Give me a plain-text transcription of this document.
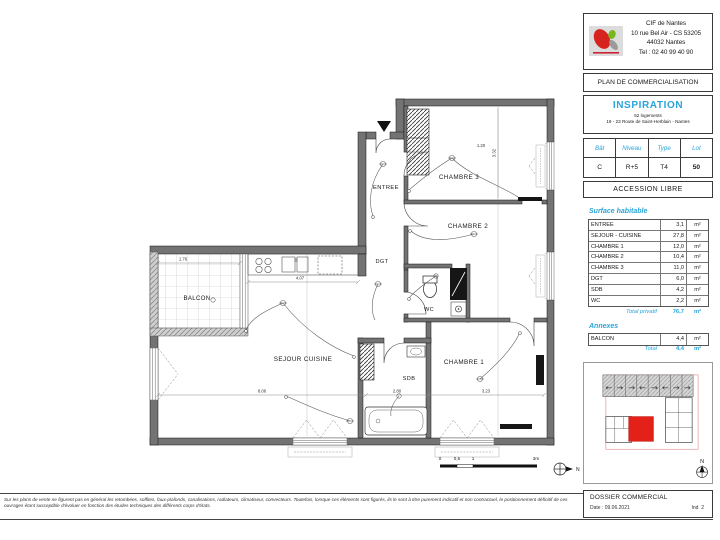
8.06	2.80	3.23
4.07
1.76
3.32
1.20
ENTREE
CHAMBRE 3
CHAMBRE 2
DGT
WC
SEJOUR CUISINE
BALCON
SDB
CHAMBRE 1
0	0,5	1	3m
N
CIF de Nantes
10 rue Bel Air - CS 53205
44032 Nantes
Tel : 02 40 99 40 90
PLAN DE COMMERCIALISATION
INSPIRATION
52 logements
19 - 23 Route de Saint-Herblain - Nantes
Bât	Niveau	Type	Lot
C	R+5	T4	50
ACCESSION LIBRE
Surface habitable
ENTREE	3,1	m²
SEJOUR - CUISINE	27,8	m²
CHAMBRE 1	12,0	m²
CHAMBRE 2	10,4	m²
CHAMBRE 3	11,0	m²
DGT	6,0	m²
SDB	4,2	m²
WC	2,2	m²
Total privatif	76,7	m²
Annexes
BALCON	4,4	m²
Total	4,4	m²
N
Sur les plans de vente ne figurent pas en général les retombées, soffites, faux-plafonds, canalisations, radiateurs, climatiseur, convecteurs. Toutefois, lorsque ces éléments sont figurés, ils le sont à titre purement indicatif et non contractuel, le positionnement définitif de ces ouvrages étant susceptible d'évoluer en fonction des études techniques des différents corps d'états.
DOSSIER COMMERCIAL
Date : 09.06.2021	Ind 2
